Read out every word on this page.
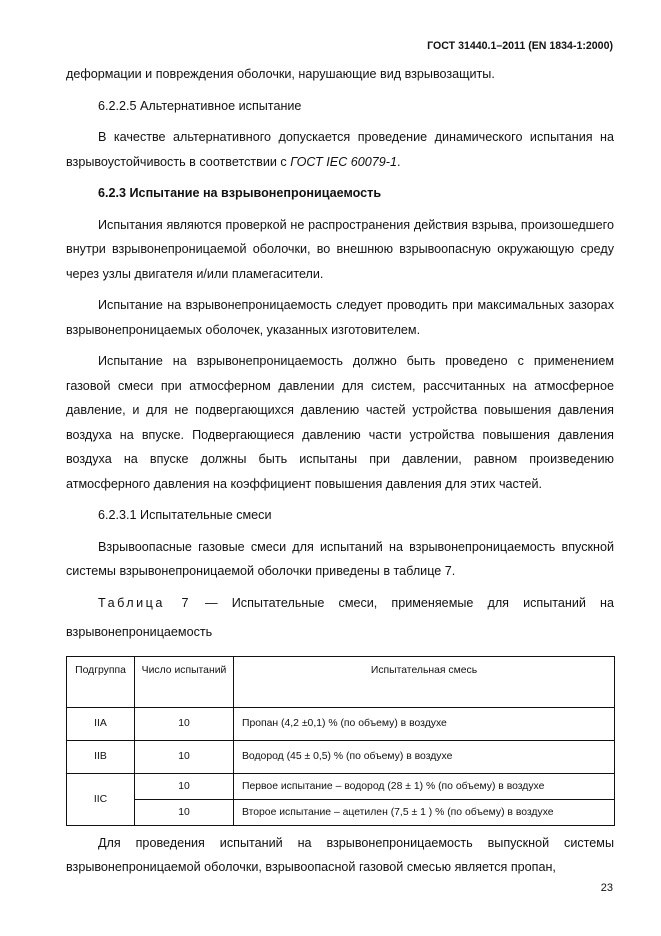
ГОСТ 31440.1–2011 (EN 1834-1:2000)

деформации и повреждения оболочки, нарушающие вид взрывозащиты.

6.2.2.5 Альтернативное испытание

В качестве альтернативного допускается проведение динамического испытания на взрывоустойчивость в соответствии с ГОСТ IEC 60079-1.

6.2.3 Испытание на взрывонепроницаемость

Испытания являются проверкой не распространения действия взрыва, произошедшего внутри взрывонепроницаемой оболочки, во внешнюю взрывоопасную окружающую среду через узлы двигателя и/или пламегасители.

Испытание на взрывонепроницаемость следует проводить при максимальных зазорах взрывонепроницаемых оболочек, указанных изготовителем.

Испытание на взрывонепроницаемость должно быть проведено с применением газовой смеси при атмосферном давлении для систем, рассчитанных на атмосферное давление, и для не подвергающихся давлению частей устройства повышения давления воздуха на впуске. Подвергающиеся давлению части устройства повышения давления воздуха на впуске должны быть испытаны при давлении, равном произведению атмосферного давления на коэффициент повышения давления для этих частей.

6.2.3.1 Испытательные смеси

Взрывоопасные газовые смеси для испытаний на взрывонепроницаемость впускной системы взрывонепроницаемой оболочки приведены в таблице 7.

Таблица 7 — Испытательные смеси, применяемые для испытаний на

взрывонепроницаемость

Подгруппа	Число испытаний	Испытательная смесь
IIA	10	Пропан (4,2 ±0,1) % (по объему) в воздухе
IIB	10	Водород (45 ± 0,5) % (по объему) в воздухе
IIC	10	Первое испытание – водород (28 ± 1) % (по объему) в воздухе
	10	Второе испытание – ацетилен (7,5 ± 1 ) % (по объему) в воздухе

Для проведения испытаний на взрывонепроницаемость выпускной системы взрывонепроницаемой оболочки, взрывоопасной газовой смесью является пропан,

23
